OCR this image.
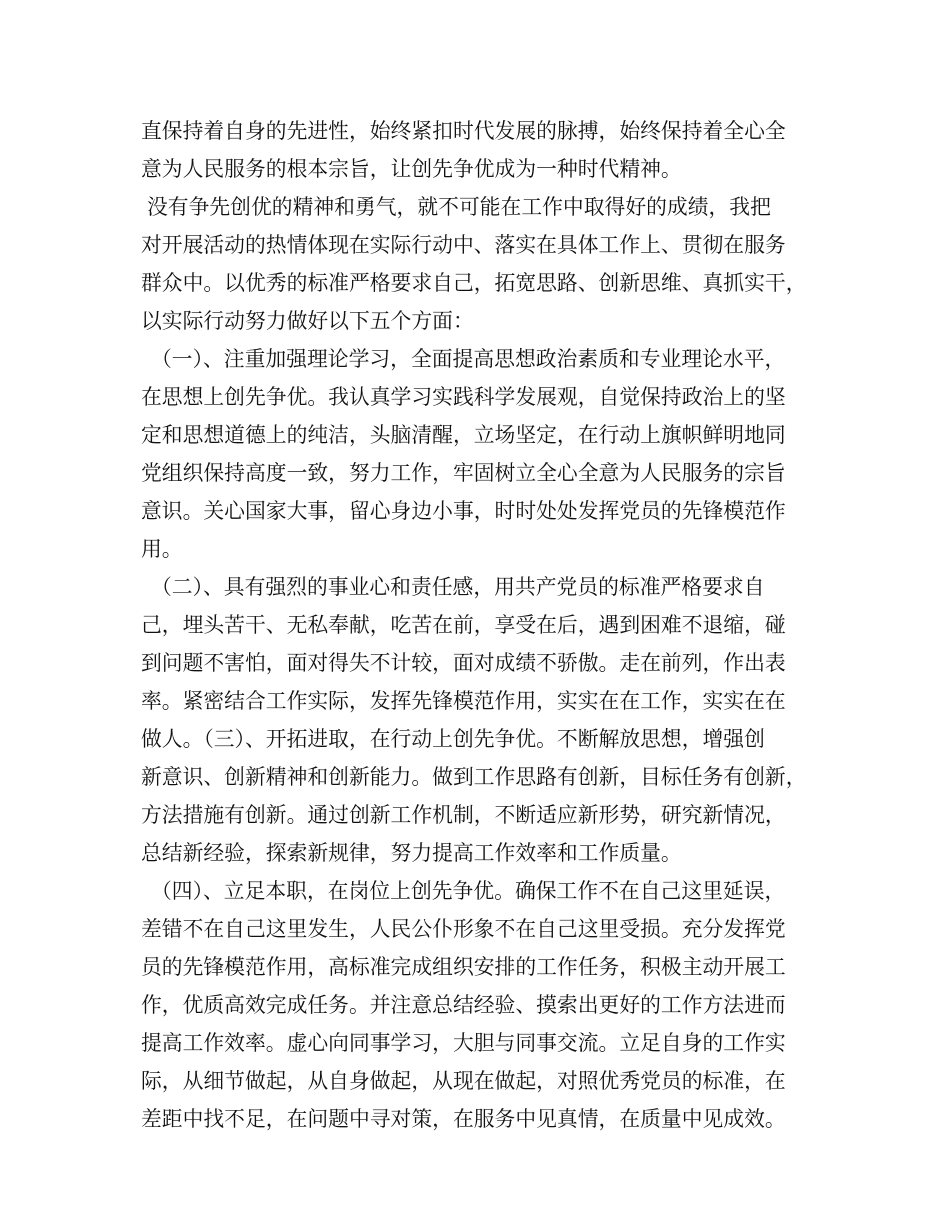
直保持着自身的先进性，始终紧扣时代发展的脉搏，始终保持着全心全
意为人民服务的根本宗旨，让创先争优成为一种时代精神。
没有争先创优的精神和勇气，就不可能在工作中取得好的成绩，我把
对开展活动的热情体现在实际行动中、落实在具体工作上、贯彻在服务
群众中。以优秀的标准严格要求自己，拓宽思路、创新思维、真抓实干，
以实际行动努力做好以下五个方面：
（一）、注重加强理论学习，全面提高思想政治素质和专业理论水平，
在思想上创先争优。我认真学习实践科学发展观，自觉保持政治上的坚
定和思想道德上的纯洁，头脑清醒，立场坚定，在行动上旗帜鲜明地同
党组织保持高度一致，努力工作，牢固树立全心全意为人民服务的宗旨
意识。关心国家大事，留心身边小事，时时处处发挥党员的先锋模范作
用。
（二）、具有强烈的事业心和责任感，用共产党员的标准严格要求自
己，埋头苦干、无私奉献，吃苦在前，享受在后，遇到困难不退缩，碰
到问题不害怕，面对得失不计较，面对成绩不骄傲。走在前列，作出表
率。紧密结合工作实际，发挥先锋模范作用，实实在在工作，实实在在
做人。（三）、开拓进取，在行动上创先争优。不断解放思想，增强创
新意识、创新精神和创新能力。做到工作思路有创新，目标任务有创新，
方法措施有创新。通过创新工作机制，不断适应新形势，研究新情况，
总结新经验，探索新规律，努力提高工作效率和工作质量。
（四）、立足本职，在岗位上创先争优。确保工作不在自己这里延误，
差错不在自己这里发生，人民公仆形象不在自己这里受损。充分发挥党
员的先锋模范作用，高标准完成组织安排的工作任务，积极主动开展工
作，优质高效完成任务。并注意总结经验、摸索出更好的工作方法进而
提高工作效率。虚心向同事学习，大胆与同事交流。立足自身的工作实
际，从细节做起，从自身做起，从现在做起，对照优秀党员的标准，在
差距中找不足，在问题中寻对策，在服务中见真情，在质量中见成效。
